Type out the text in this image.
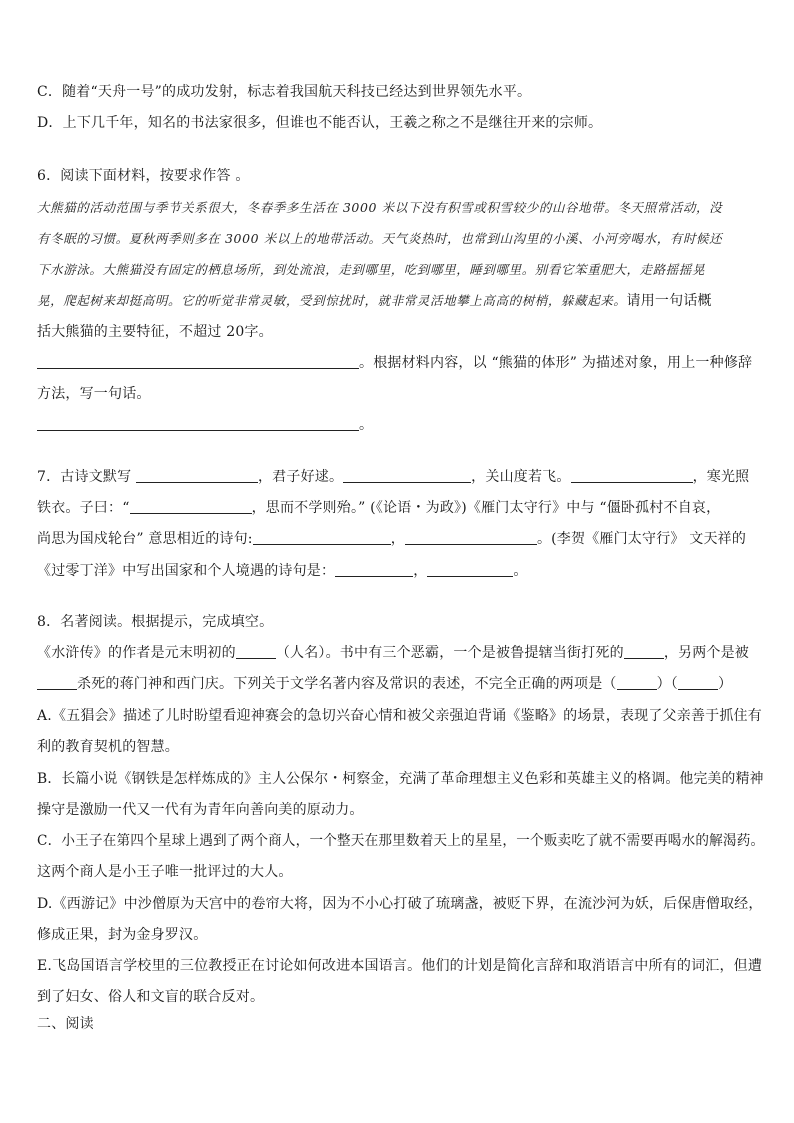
C．随着“天舟一号”的成功发射，标志着我国航天科技已经达到世界领先水平。
D．上下几千年，知名的书法家很多，但谁也不能否认，王羲之称之不是继往开来的宗师。
6．阅读下面材料，按要求作答 。
大熊猫的活动范围与季节关系很大，冬春季多生活在 3000 米以下没有积雪或积雪较少的山谷地带。冬天照常活动，没
有冬眠的习惯。夏秋两季则多在 3000 米以上的地带活动。天气炎热时，也常到山沟里的小溪、小河旁喝水，有时候还
下水游泳。大熊猫没有固定的栖息场所，到处流浪，走到哪里，吃到哪里，睡到哪里。别看它笨重肥大，走路摇摇晃
晃，爬起树来却挺高明。它的听觉非常灵敏，受到惊扰时，就非常灵活地攀上高高的树梢，躲藏起来。请用一句话概
括大熊猫的主要特征，不超过 20字。
。根据材料内容，以 “熊猫的体形” 为描述对象，用上一种修辞
方法，写一句话。
。
7．古诗文默写	，君子好逑。	，关山度若飞。	，寒光照
铁衣。子曰：“	，思而不学则殆。” (《论语・为政》)《雁门太守行》中与 “僵卧孤村不自哀，
尚思为国戍轮台” 意思相近的诗句:	，	。(李贺《雁门太守行》 文天祥的
《过零丁洋》中写出国家和个人境遇的诗句是：	，	。
8．名著阅读。根据提示，完成填空。
《水浒传》的作者是元末明初的	（人名）。书中有三个恶霸，一个是被鲁提辖当街打死的	，另两个是被
杀死的蒋门神和西门庆。下列关于文学名著内容及常识的表述，不完全正确的两项是（	）（	）
A.《五猖会》描述了儿时盼望看迎神赛会的急切兴奋心情和被父亲强迫背诵《鉴略》的场景，表现了父亲善于抓住有
利的教育契机的智慧。
B．长篇小说《钢铁是怎样炼成的》主人公保尔・柯察金，充满了革命理想主义色彩和英雄主义的格调。他完美的精神
操守是激励一代又一代有为青年向善向美的原动力。
C．小王子在第四个星球上遇到了两个商人，一个整天在那里数着天上的星星，一个贩卖吃了就不需要再喝水的解渴药。
这两个商人是小王子唯一批评过的大人。
D.《西游记》中沙僧原为天宫中的卷帘大将，因为不小心打破了琉璃盏，被贬下界，在流沙河为妖，后保唐僧取经，
修成正果，封为金身罗汉。
E.飞岛国语言学校里的三位教授正在讨论如何改进本国语言。他们的计划是简化言辞和取消语言中所有的词汇，但遭
到了妇女、俗人和文盲的联合反对。
二、阅读
